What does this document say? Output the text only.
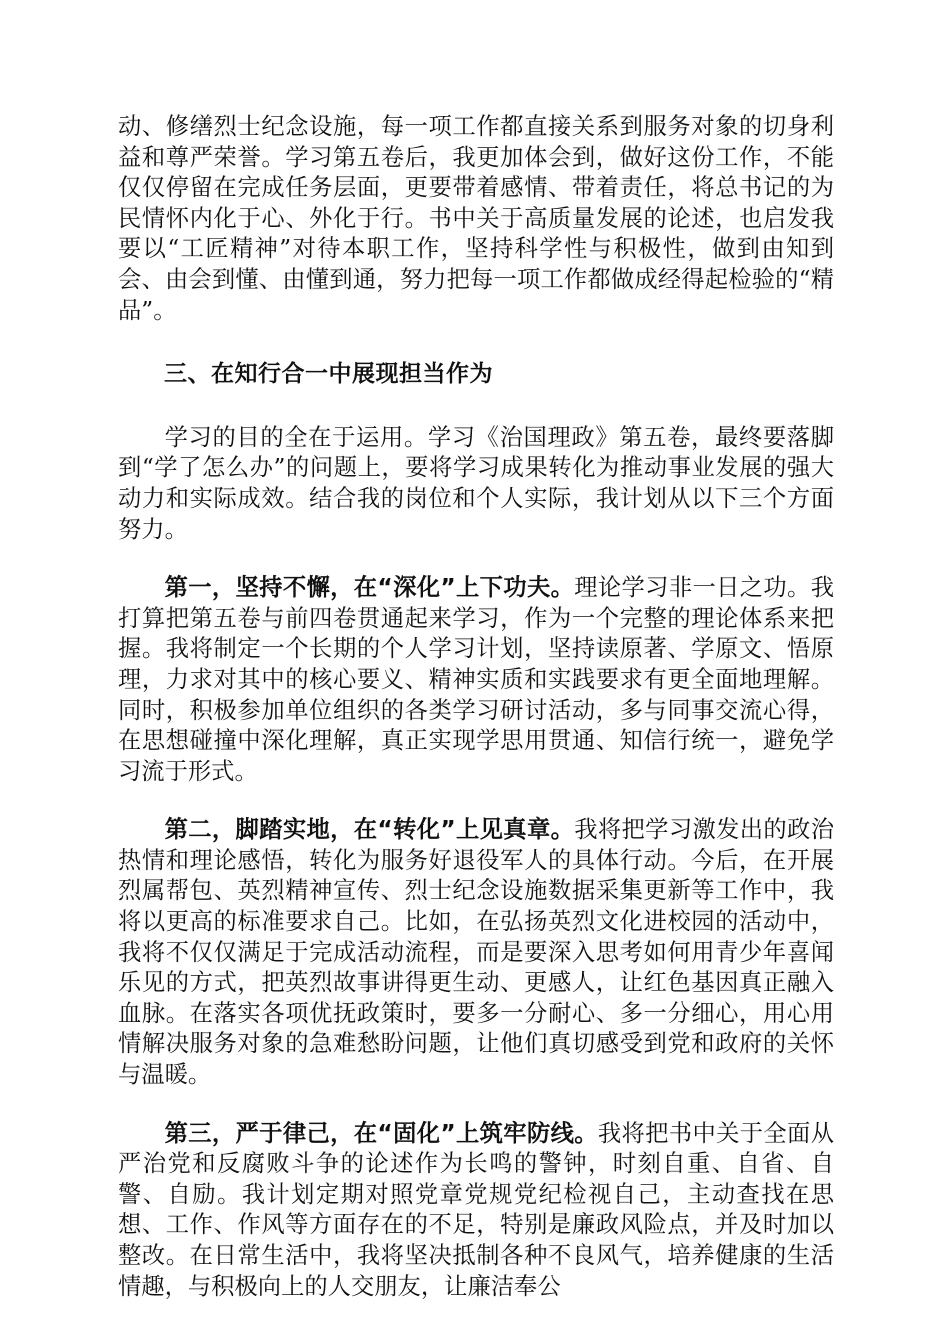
动、修缮烈士纪念设施，每一项工作都直接关系到服务对象的切身利益和尊严荣誉。学习第五卷后，我更加体会到，做好这份工作，不能仅仅停留在完成任务层面，更要带着感情、带着责任，将总书记的为民情怀内化于心、外化于行。书中关于高质量发展的论述，也启发我要以“工匠精神”对待本职工作，坚持科学性与积极性，做到由知到会、由会到懂、由懂到通，努力把每一项工作都做成经得起检验的“精品”。

三、在知行合一中展现担当作为

学习的目的全在于运用。学习《治国理政》第五卷，最终要落脚到“学了怎么办”的问题上，要将学习成果转化为推动事业发展的强大动力和实际成效。结合我的岗位和个人实际，我计划从以下三个方面努力。

第一，坚持不懈，在“深化”上下功夫。理论学习非一日之功。我打算把第五卷与前四卷贯通起来学习，作为一个完整的理论体系来把握。我将制定一个长期的个人学习计划，坚持读原著、学原文、悟原理，力求对其中的核心要义、精神实质和实践要求有更全面地理解。同时，积极参加单位组织的各类学习研讨活动，多与同事交流心得，在思想碰撞中深化理解，真正实现学思用贯通、知信行统一，避免学习流于形式。

第二，脚踏实地，在“转化”上见真章。我将把学习激发出的政治热情和理论感悟，转化为服务好退役军人的具体行动。今后，在开展烈属帮包、英烈精神宣传、烈士纪念设施数据采集更新等工作中，我将以更高的标准要求自己。比如，在弘扬英烈文化进校园的活动中，我将不仅仅满足于完成活动流程，而是要深入思考如何用青少年喜闻乐见的方式，把英烈故事讲得更生动、更感人，让红色基因真正融入血脉。在落实各项优抚政策时，要多一分耐心、多一分细心，用心用情解决服务对象的急难愁盼问题，让他们真切感受到党和政府的关怀与温暖。

第三，严于律己，在“固化”上筑牢防线。我将把书中关于全面从严治党和反腐败斗争的论述作为长鸣的警钟，时刻自重、自省、自警、自励。我计划定期对照党章党规党纪检视自己，主动查找在思想、工作、作风等方面存在的不足，特别是廉政风险点，并及时加以整改。在日常生活中，我将坚决抵制各种不良风气，培养健康的生活情趣，与积极向上的人交朋友，让廉洁奉公
